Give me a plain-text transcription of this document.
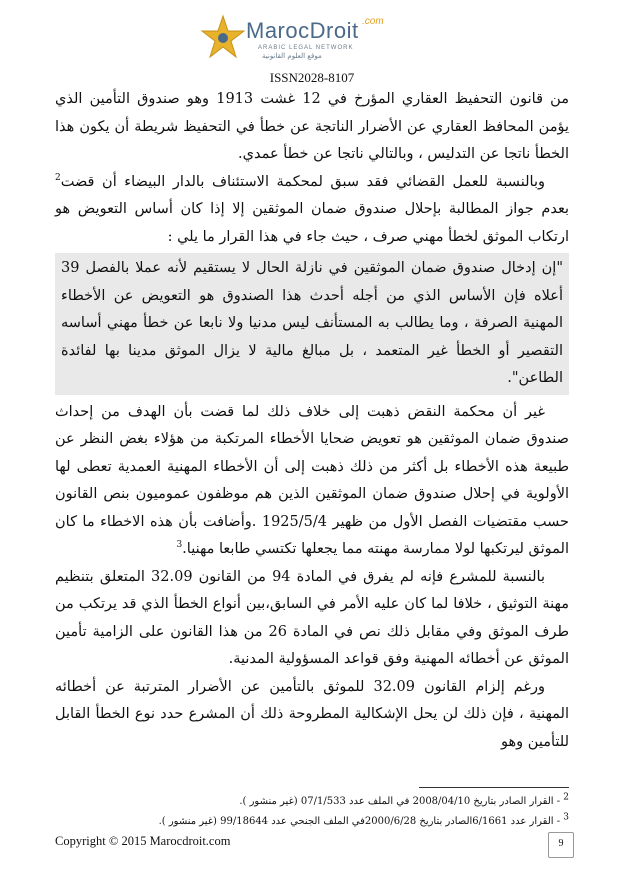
MarocDroit .com
ARABIC LEGAL NETWORK
موقع العلوم القانونية
ISSN2028-8107

من قانون التحفيظ العقاري المؤرخ في 12 غشت 1913 وهو صندوق التأمين الذي يؤمن المحافظ العقاري عن الأضرار الناتجة عن خطأ في التحفيظ شريطة أن يكون هذا الخطأ ناتجا عن التدليس ، وبالتالي ناتجا عن خطأ عمدي.

وبالنسبة للعمل القضائي فقد سبق لمحكمة الاستئناف بالدار البيضاء أن قضت$^2$ بعدم جواز المطالبة بإحلال صندوق ضمان الموثقين إلا إذا كان أساس التعويض هو ارتكاب الموثق لخطأ مهني صرف ، حيث جاء في هذا القرار ما يلي :

"إن إدخال صندوق ضمان الموثقين في نازلة الحال لا يستقيم لأنه عملا بالفصل 39 أعلاه فإن الأساس الذي من أجله أحدث هذا الصندوق هو التعويض عن الأخطاء المهنية الصرفة ، وما يطالب به المستأنف ليس مدنيا ولا نابعا عن خطأ مهني أساسه التقصير أو الخطأ غير المتعمد ، بل مبالغ مالية لا يزال الموثق مدينا بها لفائدة الطاعن".

غير أن محكمة النقض ذهبت إلى خلاف ذلك لما قضت بأن الهدف من إحداث صندوق ضمان الموثقين هو تعويض ضحايا الأخطاء المرتكبة من هؤلاء بغض النظر عن طبيعة هذه الأخطاء بل أكثر من ذلك ذهبت إلى أن الأخطاء المهنية العمدية تعطى لها الأولوية في إحلال صندوق ضمان الموثقين الذين هم موظفون عموميون بنص القانون حسب مقتضيات الفصل الأول من ظهير 1925/5/4 .وأضافت بأن هذه الاخطاء ما كان الموثق ليرتكبها لولا ممارسة مهنته مما يجعلها تكتسي طابعا مهنيا.$^3$

بالنسبة للمشرع فإنه لم يفرق في المادة 94 من القانون 32.09 المتعلق بتنظيم مهنة التوثيق ، خلافا لما كان عليه الأمر في السابق،بين أنواع الخطأ الذي قد يرتكب من طرف الموثق وفي مقابل ذلك نص في المادة 26 من هذا القانون على الزامية تأمين الموثق عن أخطائه المهنية وفق قواعد المسؤولية المدنية.

ورغم إلزام القانون 32.09 للموثق بالتأمين عن الأضرار المترتبة عن أخطائه المهنية ، فإن ذلك لن يحل الإشكالية المطروحة ذلك أن المشرع حدد نوع الخطأ القابل للتأمين وهو

$^2$ - القرار الصادر بتاريخ 2008/04/10 في الملف عدد 07/1/533 (غير منشور ).

$^3$ - القرار عدد 6/1661الصادر بتاريخ 2000/6/28في الملف الجنحي عدد 99/18644 (غير منشور ).

Copyright © 2015 Marocdroit.com	9
